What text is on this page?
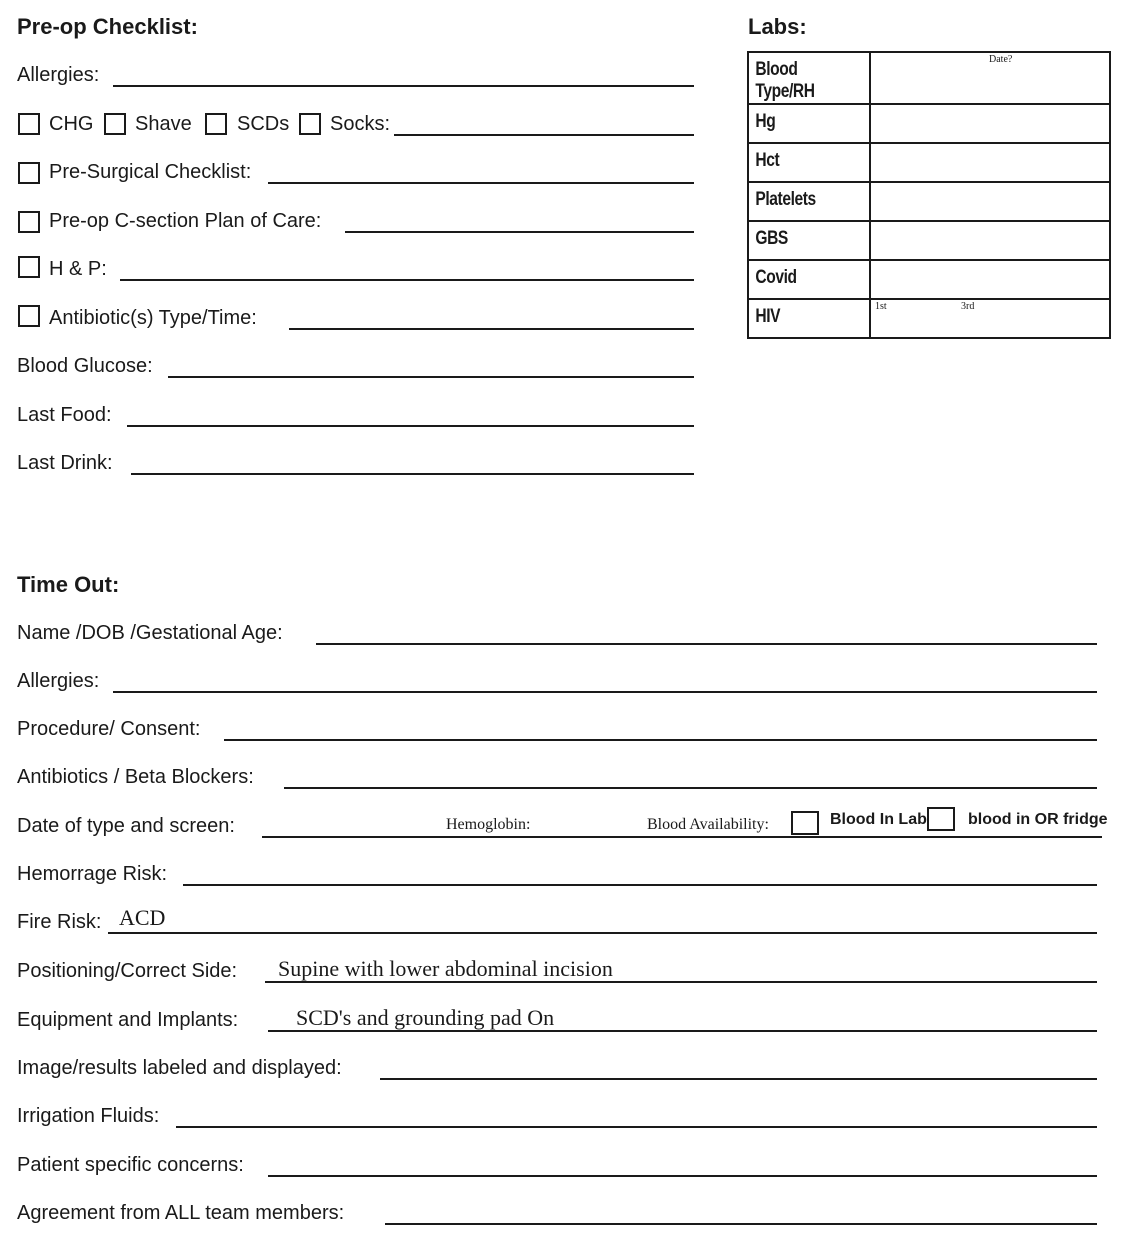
Pre-op Checklist:
Allergies:
CHG Shave SCDs Socks:
Pre-Surgical Checklist:
Pre-op C-section Plan of Care:
H & P:
Antibiotic(s) Type/Time:
Blood Glucose:
Last Food:
Last Drink:
Labs:
Blood Type/RH	Date?

Hg	
Hct	
Platelets	
GBS	
Covid	
HIV	1st 3rd
Time Out:
Name /DOB /Gestational Age:
Allergies:
Procedure/ Consent:
Antibiotics / Beta Blockers:
Date of type and screen:	Hemoglobin:	Blood Availability:	Blood In Lab	blood in OR fridge
Hemorrage Risk:
Fire Risk: ACD
Positioning/Correct Side: Supine with lower abdominal incision
Equipment and Implants:	SCD's and grounding pad On
Image/results labeled and displayed:
Irrigation Fluids:
Patient specific concerns:
Agreement from ALL team members:
